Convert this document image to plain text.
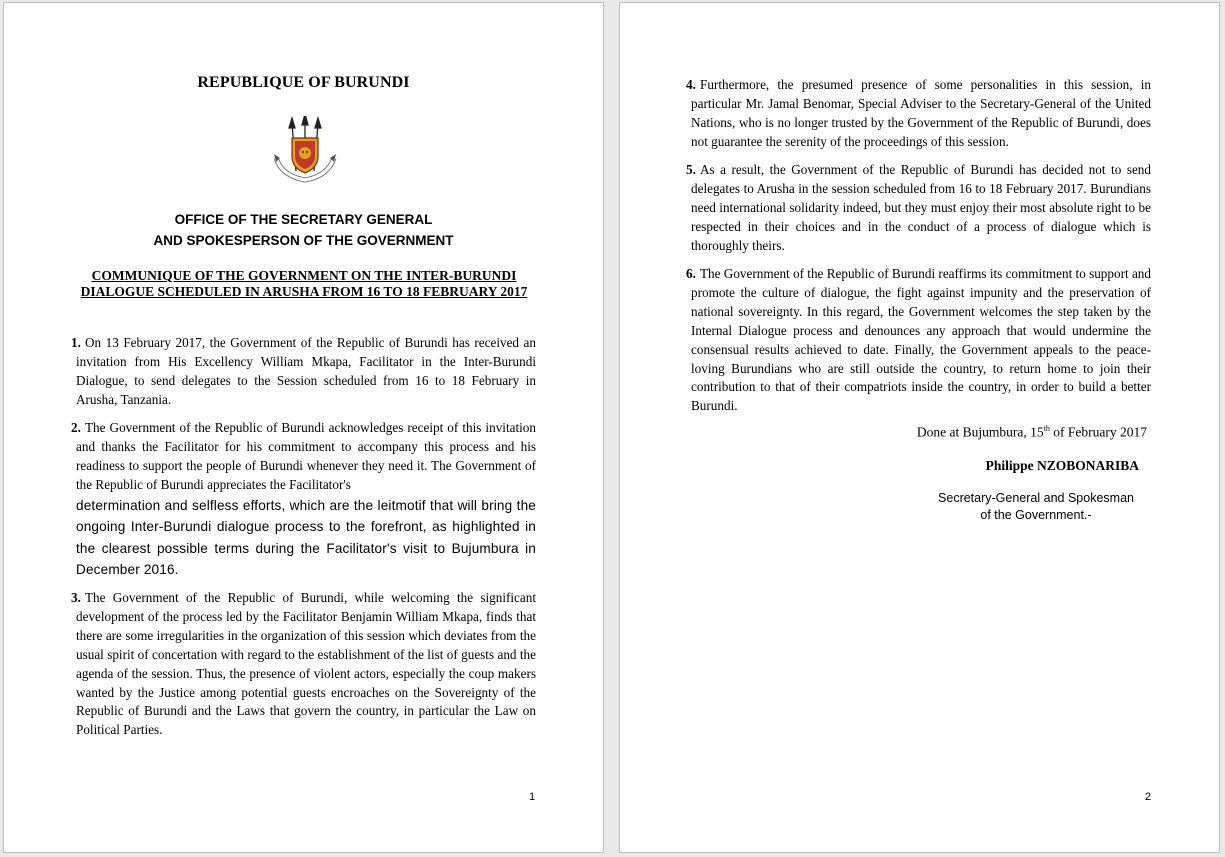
REPUBLIQUE OF BURUNDI
OFFICE OF THE SECRETARY GENERAL
AND SPOKESPERSON OF THE GOVERNMENT
COMMUNIQUE OF THE GOVERNMENT ON THE INTER-BURUNDI
DIALOGUE SCHEDULED IN ARUSHA FROM 16 TO 18 FEBRUARY 2017
1. On 13 February 2017, the Government of the Republic of Burundi has received an invitation from His Excellency William Mkapa, Facilitator in the Inter-Burundi Dialogue, to send delegates to the Session scheduled from 16 to 18 February in Arusha, Tanzania.
2. The Government of the Republic of Burundi acknowledges receipt of this invitation and thanks the Facilitator for his commitment to accompany this process and his readiness to support the people of Burundi whenever they need it. The Government of the Republic of Burundi appreciates the Facilitator's
determination and selfless efforts, which are the leitmotif that will bring the ongoing Inter-Burundi dialogue process to the forefront, as highlighted in the clearest possible terms during the Facilitator's visit to Bujumbura in December 2016.
3. The Government of the Republic of Burundi, while welcoming the significant development of the process led by the Facilitator Benjamin William Mkapa, finds that there are some irregularities in the organization of this session which deviates from the usual spirit of concertation with regard to the establishment of the list of guests and the agenda of the session. Thus, the presence of violent actors, especially the coup makers wanted by the Justice among potential guests encroaches on the Sovereignty of the Republic of Burundi and the Laws that govern the country, in particular the Law on Political Parties.
1
4. Furthermore, the presumed presence of some personalities in this session, in particular Mr. Jamal Benomar, Special Adviser to the Secretary-General of the United Nations, who is no longer trusted by the Government of the Republic of Burundi, does not guarantee the serenity of the proceedings of this session.
5. As a result, the Government of the Republic of Burundi has decided not to send delegates to Arusha in the session scheduled from 16 to 18 February 2017. Burundians need international solidarity indeed, but they must enjoy their most absolute right to be respected in their choices and in the conduct of a process of dialogue which is thoroughly theirs.
6. The Government of the Republic of Burundi reaffirms its commitment to support and promote the culture of dialogue, the fight against impunity and the preservation of national sovereignty. In this regard, the Government welcomes the step taken by the Internal Dialogue process and denounces any approach that would undermine the consensual results achieved to date. Finally, the Government appeals to the peace-loving Burundians who are still outside the country, to return home to join their contribution to that of their compatriots inside the country, in order to build a better Burundi.
Done at Bujumbura, 15th of February 2017
Philippe NZOBONARIBA
Secretary-General and Spokesman
of the Government.-
2
